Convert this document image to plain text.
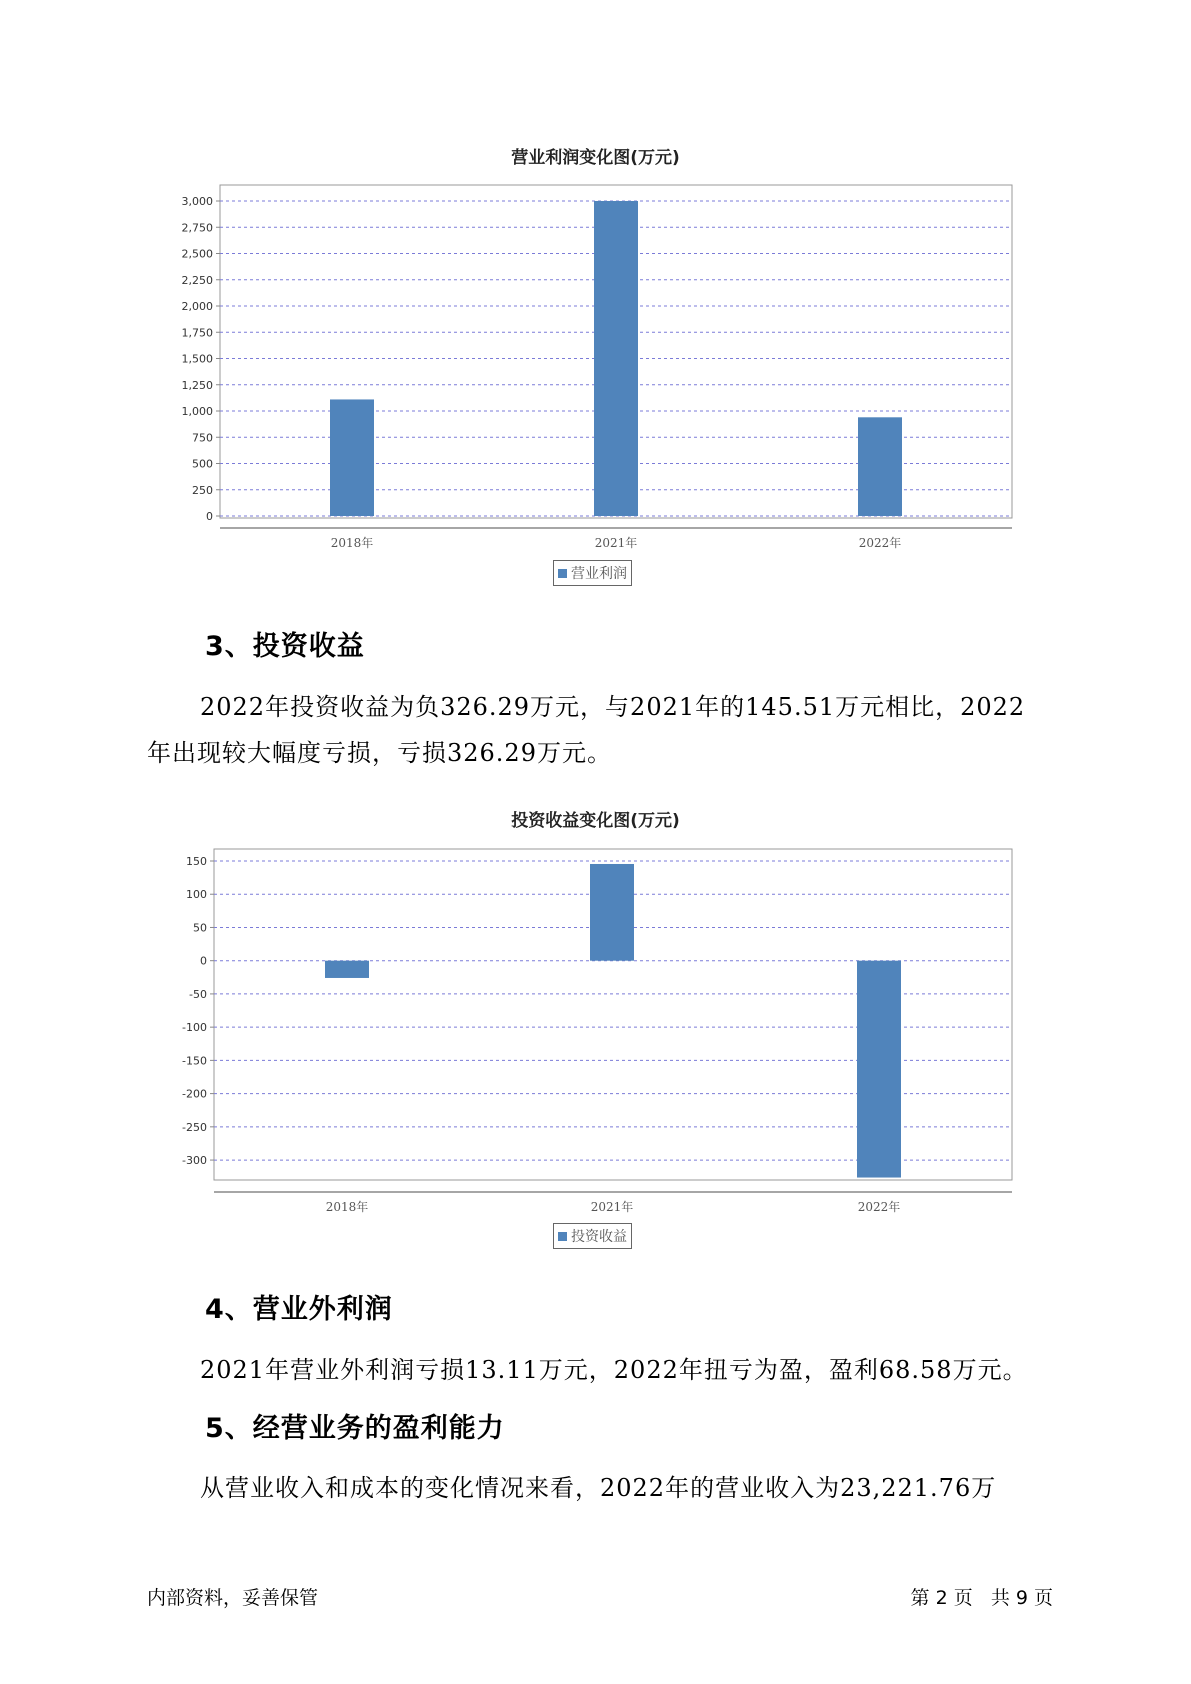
营业利润变化图(万元)
0
250
500
750
1,000
1,250
1,500
1,750
2,000
2,250
2,500
2,750
3,000
2018年	2021年	2022年
营业利润
3、投资收益
2022年投资收益为负326.29万元，与2021年的145.51万元相比，2022
年出现较大幅度亏损，亏损326.29万元。
投资收益变化图(万元)
150
100
50
0
-50
-100
-150
-200
-250
-300
2018年	2021年	2022年
投资收益
4、营业外利润
2021年营业外利润亏损13.11万元，2022年扭亏为盈，盈利68.58万元。
5、经营业务的盈利能力
从营业收入和成本的变化情况来看，2022年的营业收入为23,221.76万
内部资料，妥善保管	第 2 页   共 9 页
